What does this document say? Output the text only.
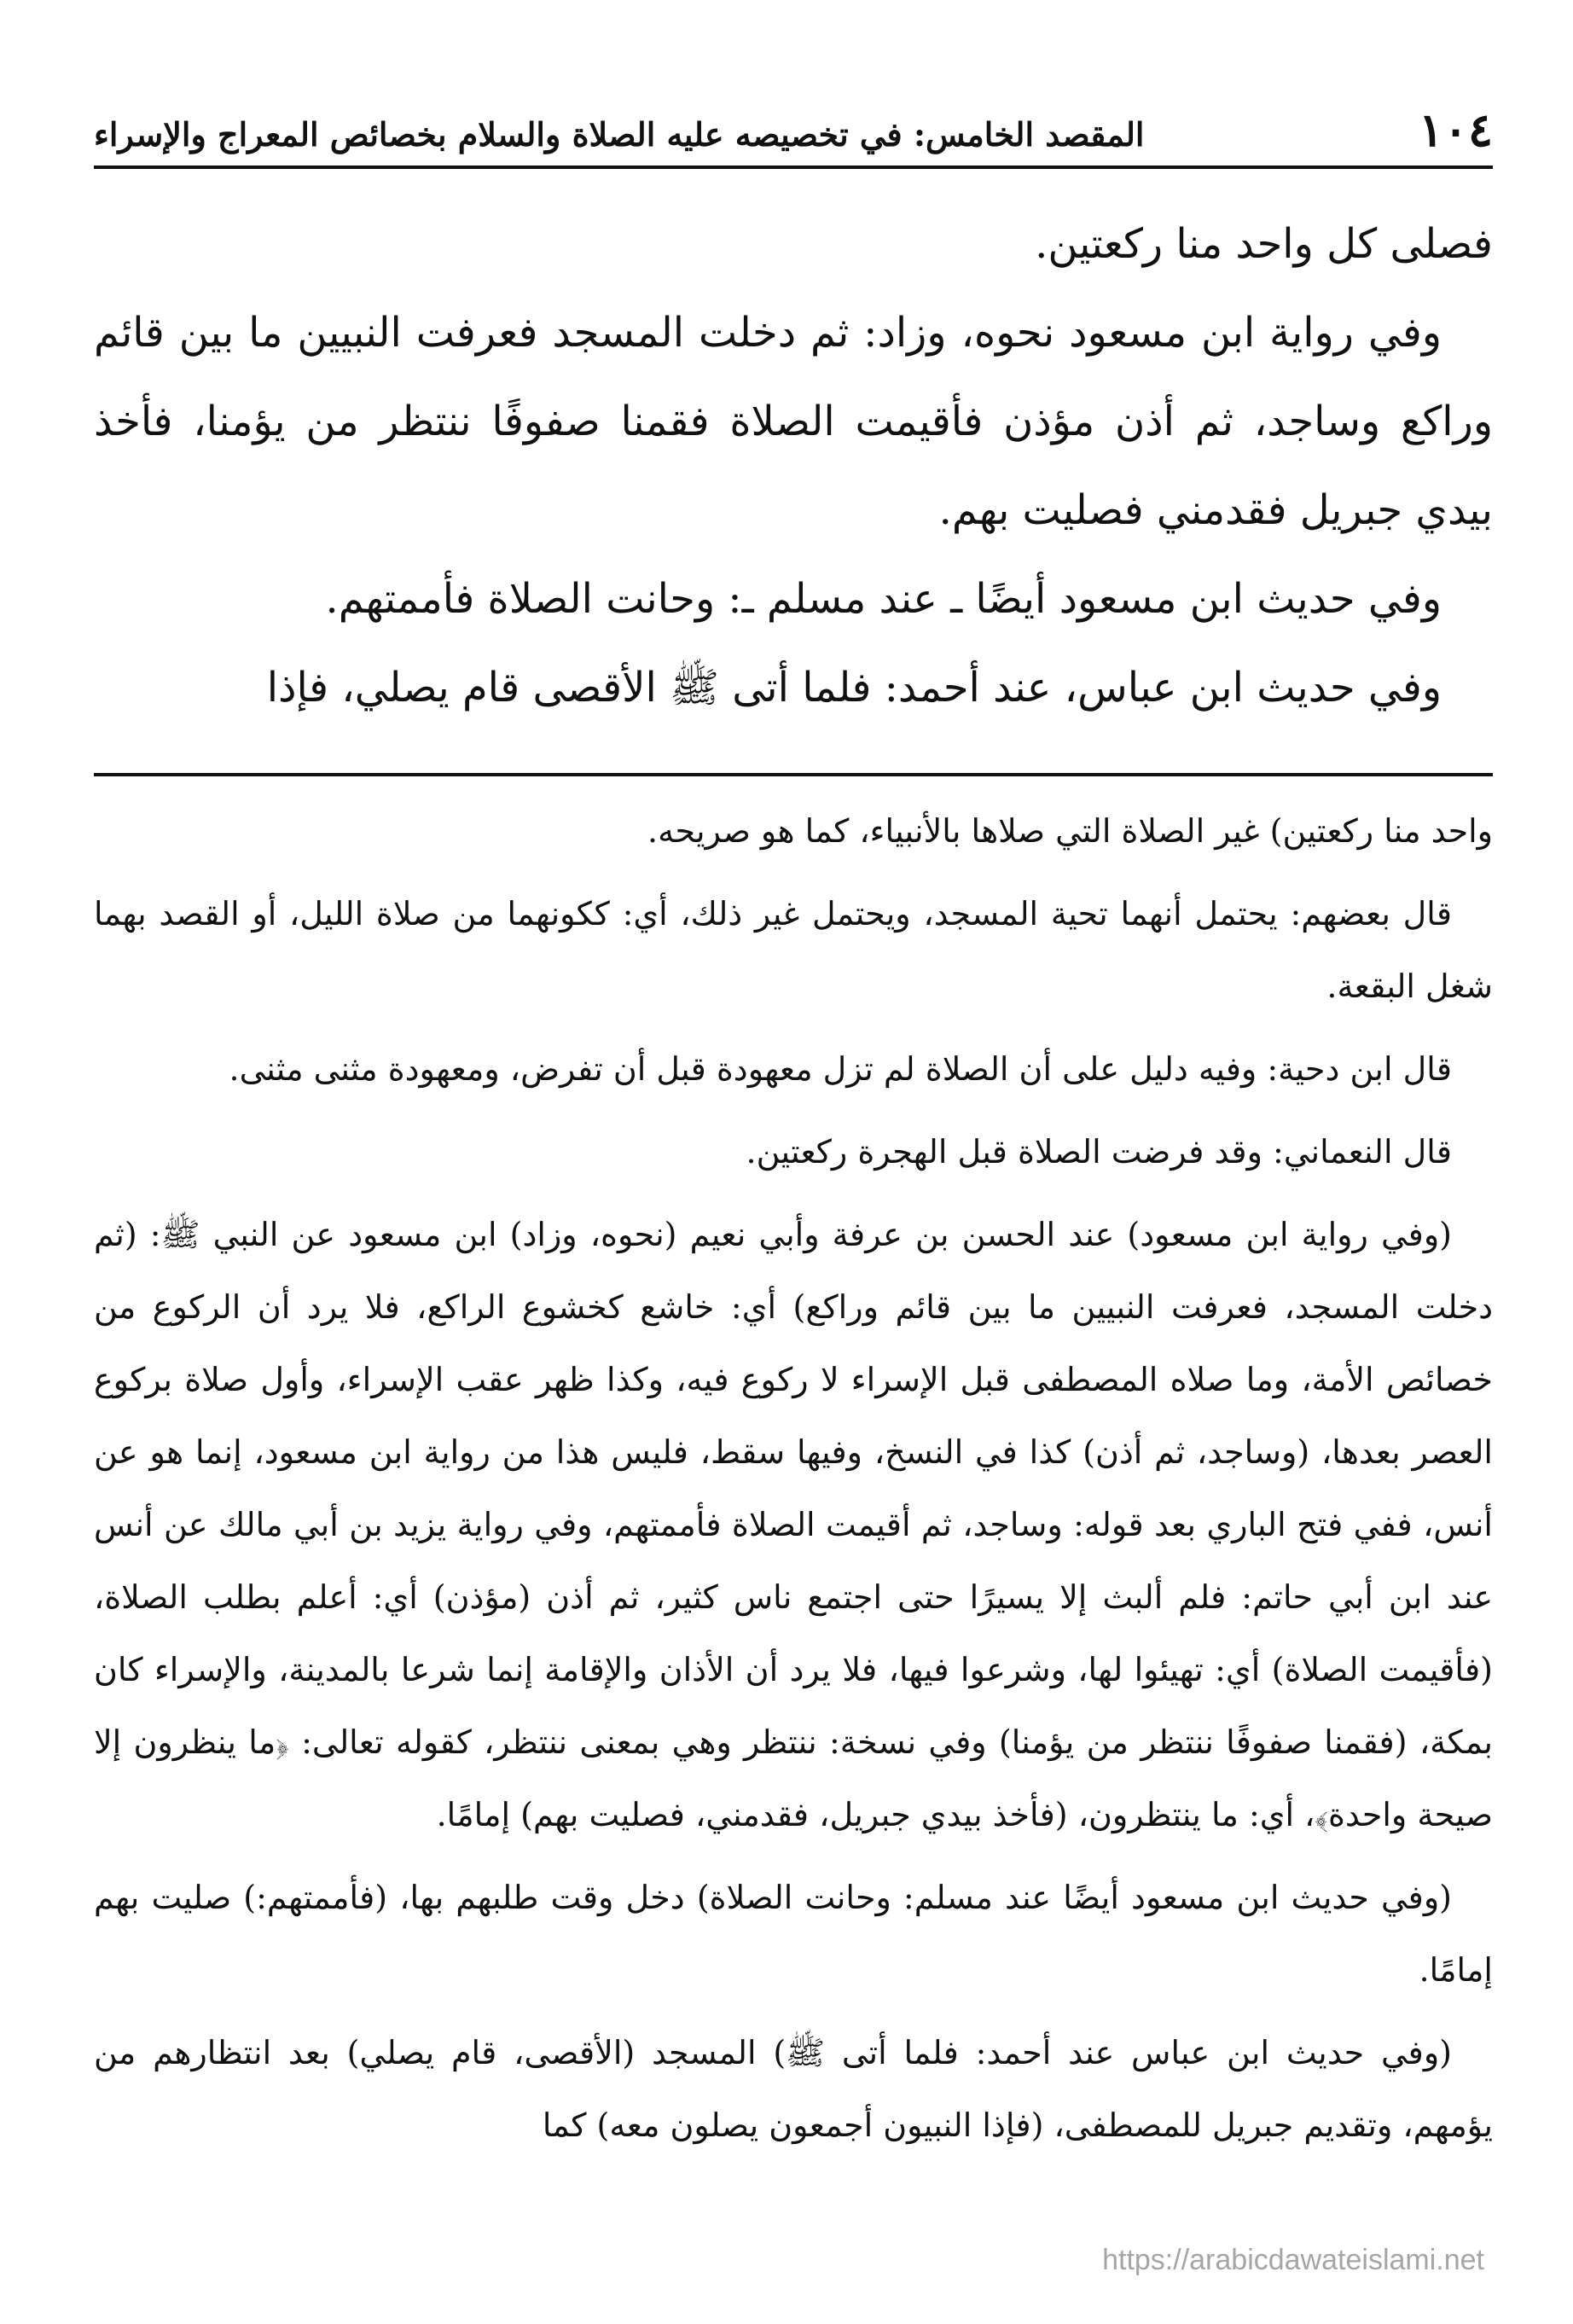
١٠٤
المقصد الخامس: في تخصيصه عليه الصلاة والسلام بخصائص المعراج والإسراء

فصلى كل واحد منا ركعتين.

وفي رواية ابن مسعود نحوه، وزاد: ثم دخلت المسجد فعرفت النبيين ما بين قائم وراكع وساجد، ثم أذن مؤذن فأقيمت الصلاة فقمنا صفوفًا ننتظر من يؤمنا، فأخذ بيدي جبريل فقدمني فصليت بهم.

وفي حديث ابن مسعود أيضًا ـ عند مسلم ـ: وحانت الصلاة فأممتهم.

وفي حديث ابن عباس، عند أحمد: فلما أتى ﷺ الأقصى قام يصلي، فإذا

واحد منا ركعتين) غير الصلاة التي صلاها بالأنبياء، كما هو صريحه.

قال بعضهم: يحتمل أنهما تحية المسجد، ويحتمل غير ذلك، أي: ككونهما من صلاة الليل، أو القصد بهما شغل البقعة.

قال ابن دحية: وفيه دليل على أن الصلاة لم تزل معهودة قبل أن تفرض، ومعهودة مثنى مثنى.

قال النعماني: وقد فرضت الصلاة قبل الهجرة ركعتين.

(وفي رواية ابن مسعود) عند الحسن بن عرفة وأبي نعيم (نحوه، وزاد) ابن مسعود عن النبي ﷺ: (ثم دخلت المسجد، فعرفت النبيين ما بين قائم وراكع) أي: خاشع كخشوع الراكع، فلا يرد أن الركوع من خصائص الأمة، وما صلاه المصطفى قبل الإسراء لا ركوع فيه، وكذا ظهر عقب الإسراء، وأول صلاة بركوع العصر بعدها، (وساجد، ثم أذن) كذا في النسخ، وفيها سقط، فليس هذا من رواية ابن مسعود، إنما هو عن أنس، ففي فتح الباري بعد قوله: وساجد، ثم أقيمت الصلاة فأممتهم، وفي رواية يزيد بن أبي مالك عن أنس عند ابن أبي حاتم: فلم ألبث إلا يسيرًا حتى اجتمع ناس كثير، ثم أذن (مؤذن) أي: أعلم بطلب الصلاة، (فأقيمت الصلاة) أي: تهيئوا لها، وشرعوا فيها، فلا يرد أن الأذان والإقامة إنما شرعا بالمدينة، والإسراء كان بمكة، (فقمنا صفوفًا ننتظر من يؤمنا) وفي نسخة: ننتظر وهي بمعنى ننتظر، كقوله تعالى: ﴿ما ينظرون إلا صيحة واحدة﴾، أي: ما ينتظرون، (فأخذ بيدي جبريل، فقدمني، فصليت بهم) إمامًا.

(وفي حديث ابن مسعود أيضًا عند مسلم: وحانت الصلاة) دخل وقت طلبهم بها، (فأممتهم:) صليت بهم إمامًا.

(وفي حديث ابن عباس عند أحمد: فلما أتى ﷺ) المسجد (الأقصى، قام يصلي) بعد انتظارهم من يؤمهم، وتقديم جبريل للمصطفى، (فإذا النبيون أجمعون يصلون معه) كما

https://arabicdawateislami.net
